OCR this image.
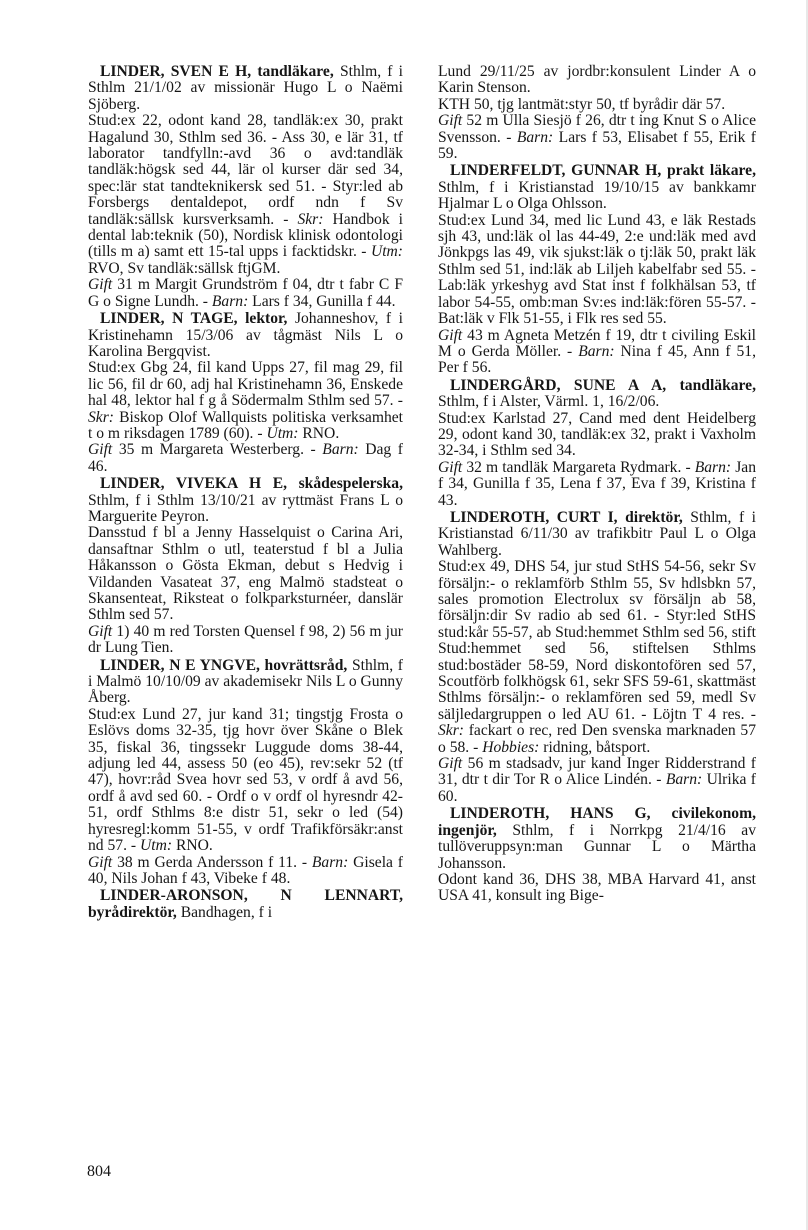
LINDER, SVEN E H, tandläkare, Sthlm, f i Sthlm 21/1/02 av missionär Hugo L o Naëmi Sjöberg.

Stud:ex 22, odont kand 28, tandläk:ex 30, prakt Hagalund 30, Sthlm sed 36. - Ass 30, e lär 31, tf laborator tandfylln:-avd 36 o avd:tandläk tandläk:högsk sed 44, lär ol kurser där sed 34, spec:lär stat tandteknikersk sed 51. - Styr:led ab Forsbergs dentaldepot, ordf ndn f Sv tandläk:sällsk kursverksamh. - Skr: Handbok i dental lab:teknik (50), Nordisk klinisk odontologi (tills m a) samt ett 15-tal upps i facktidskr. - Utm: RVO, Sv tandläk:sällsk ftjGM.

Gift 31 m Margit Grundström f 04, dtr t fabr C F G o Signe Lundh. - Barn: Lars f 34, Gunilla f 44.

LINDER, N TAGE, lektor, Johanneshov, f i Kristinehamn 15/3/06 av tågmäst Nils L o Karolina Bergqvist.

Stud:ex Gbg 24, fil kand Upps 27, fil mag 29, fil lic 56, fil dr 60, adj hal Kristinehamn 36, Enskede hal 48, lektor hal f g å Södermalm Sthlm sed 57. - Skr: Biskop Olof Wallquists politiska verksamhet t o m riksdagen 1789 (60). - Utm: RNO.

Gift 35 m Margareta Westerberg. - Barn: Dag f 46.

LINDER, VIVEKA H E, skådespelerska, Sthlm, f i Sthlm 13/10/21 av ryttmäst Frans L o Marguerite Peyron.

Dansstud f bl a Jenny Hasselquist o Carina Ari, dansaftnar Sthlm o utl, teaterstud f bl a Julia Håkansson o Gösta Ekman, debut s Hedvig i Vildanden Vasateat 37, eng Malmö stadsteat o Skansenteat, Riksteat o folkparksturnéer, danslär Sthlm sed 57.

Gift 1) 40 m red Torsten Quensel f 98, 2) 56 m jur dr Lung Tien.

LINDER, N E YNGVE, hovrättsråd, Sthlm, f i Malmö 10/10/09 av akademisekr Nils L o Gunny Åberg.

Stud:ex Lund 27, jur kand 31; tingstjg Frosta o Eslövs doms 32-35, tjg hovr över Skåne o Blek 35, fiskal 36, tingssekr Luggude doms 38-44, adjung led 44, assess 50 (eo 45), rev:sekr 52 (tf 47), hovr:råd Svea hovr sed 53, v ordf å avd 56, ordf å avd sed 60. - Ordf o v ordf ol hyresndr 42-51, ordf Sthlms 8:e distr 51, sekr o led (54) hyresregl:komm 51-55, v ordf Trafikförsäkr:anst nd 57. - Utm: RNO.

Gift 38 m Gerda Andersson f 11. - Barn: Gisela f 40, Nils Johan f 43, Vibeke f 48.

LINDER-ARONSON, N LENNART, byrådirektör, Bandhagen, f i

Lund 29/11/25 av jordbr:konsulent Linder A o Karin Stenson.

KTH 50, tjg lantmät:styr 50, tf byrådir där 57.

Gift 52 m Ulla Siesjö f 26, dtr t ing Knut S o Alice Svensson. - Barn: Lars f 53, Elisabet f 55, Erik f 59.

LINDERFELDT, GUNNAR H, prakt läkare, Sthlm, f i Kristianstad 19/10/15 av bankkamr Hjalmar L o Olga Ohlsson.

Stud:ex Lund 34, med lic Lund 43, e läk Restads sjh 43, und:läk ol las 44-49, 2:e und:läk med avd Jönkpgs las 49, vik sjukst:läk o tj:läk 50, prakt läk Sthlm sed 51, ind:läk ab Liljeh kabelfabr sed 55. - Lab:läk yrkeshyg avd Stat inst f folkhälsan 53, tf labor 54-55, omb:man Sv:es ind:läk:fören 55-57. - Bat:läk v Flk 51-55, i Flk res sed 55.

Gift 43 m Agneta Metzén f 19, dtr t civiling Eskil M o Gerda Möller. - Barn: Nina f 45, Ann f 51, Per f 56.

LINDERGÅRD, SUNE A A, tandläkare, Sthlm, f i Alster, Värml. 1, 16/2/06.

Stud:ex Karlstad 27, Cand med dent Heidelberg 29, odont kand 30, tandläk:ex 32, prakt i Vaxholm 32-34, i Sthlm sed 34.

Gift 32 m tandläk Margareta Rydmark. - Barn: Jan f 34, Gunilla f 35, Lena f 37, Eva f 39, Kristina f 43.

LINDEROTH, CURT I, direktör, Sthlm, f i Kristianstad 6/11/30 av trafikbitr Paul L o Olga Wahlberg.

Stud:ex 49, DHS 54, jur stud StHS 54-56, sekr Sv försäljn:- o reklamförb Sthlm 55, Sv hdlsbkn 57, sales promotion Electrolux sv försäljn ab 58, försäljn:dir Sv radio ab sed 61. - Styr:led StHS stud:kår 55-57, ab Stud:hemmet Sthlm sed 56, stift Stud:hemmet sed 56, stiftelsen Sthlms stud:bostäder 58-59, Nord diskontofören sed 57, Scoutförb folkhögsk 61, sekr SFS 59-61, skattmäst Sthlms försäljn:- o reklamfören sed 59, medl Sv säljledargruppen o led AU 61. - Löjtn T 4 res. - Skr: fackart o rec, red Den svenska marknaden 57 o 58. - Hobbies: ridning, båtsport.

Gift 56 m stadsadv, jur kand Inger Ridderstrand f 31, dtr t dir Tor R o Alice Lindén. - Barn: Ulrika f 60.

LINDEROTH, HANS G, civilekonom, ingenjör, Sthlm, f i Norrkpg 21/4/16 av tullöveruppsyn:man Gunnar L o Märtha Johansson.

Odont kand 36, DHS 38, MBA Harvard 41, anst USA 41, konsult ing Bige-

804
